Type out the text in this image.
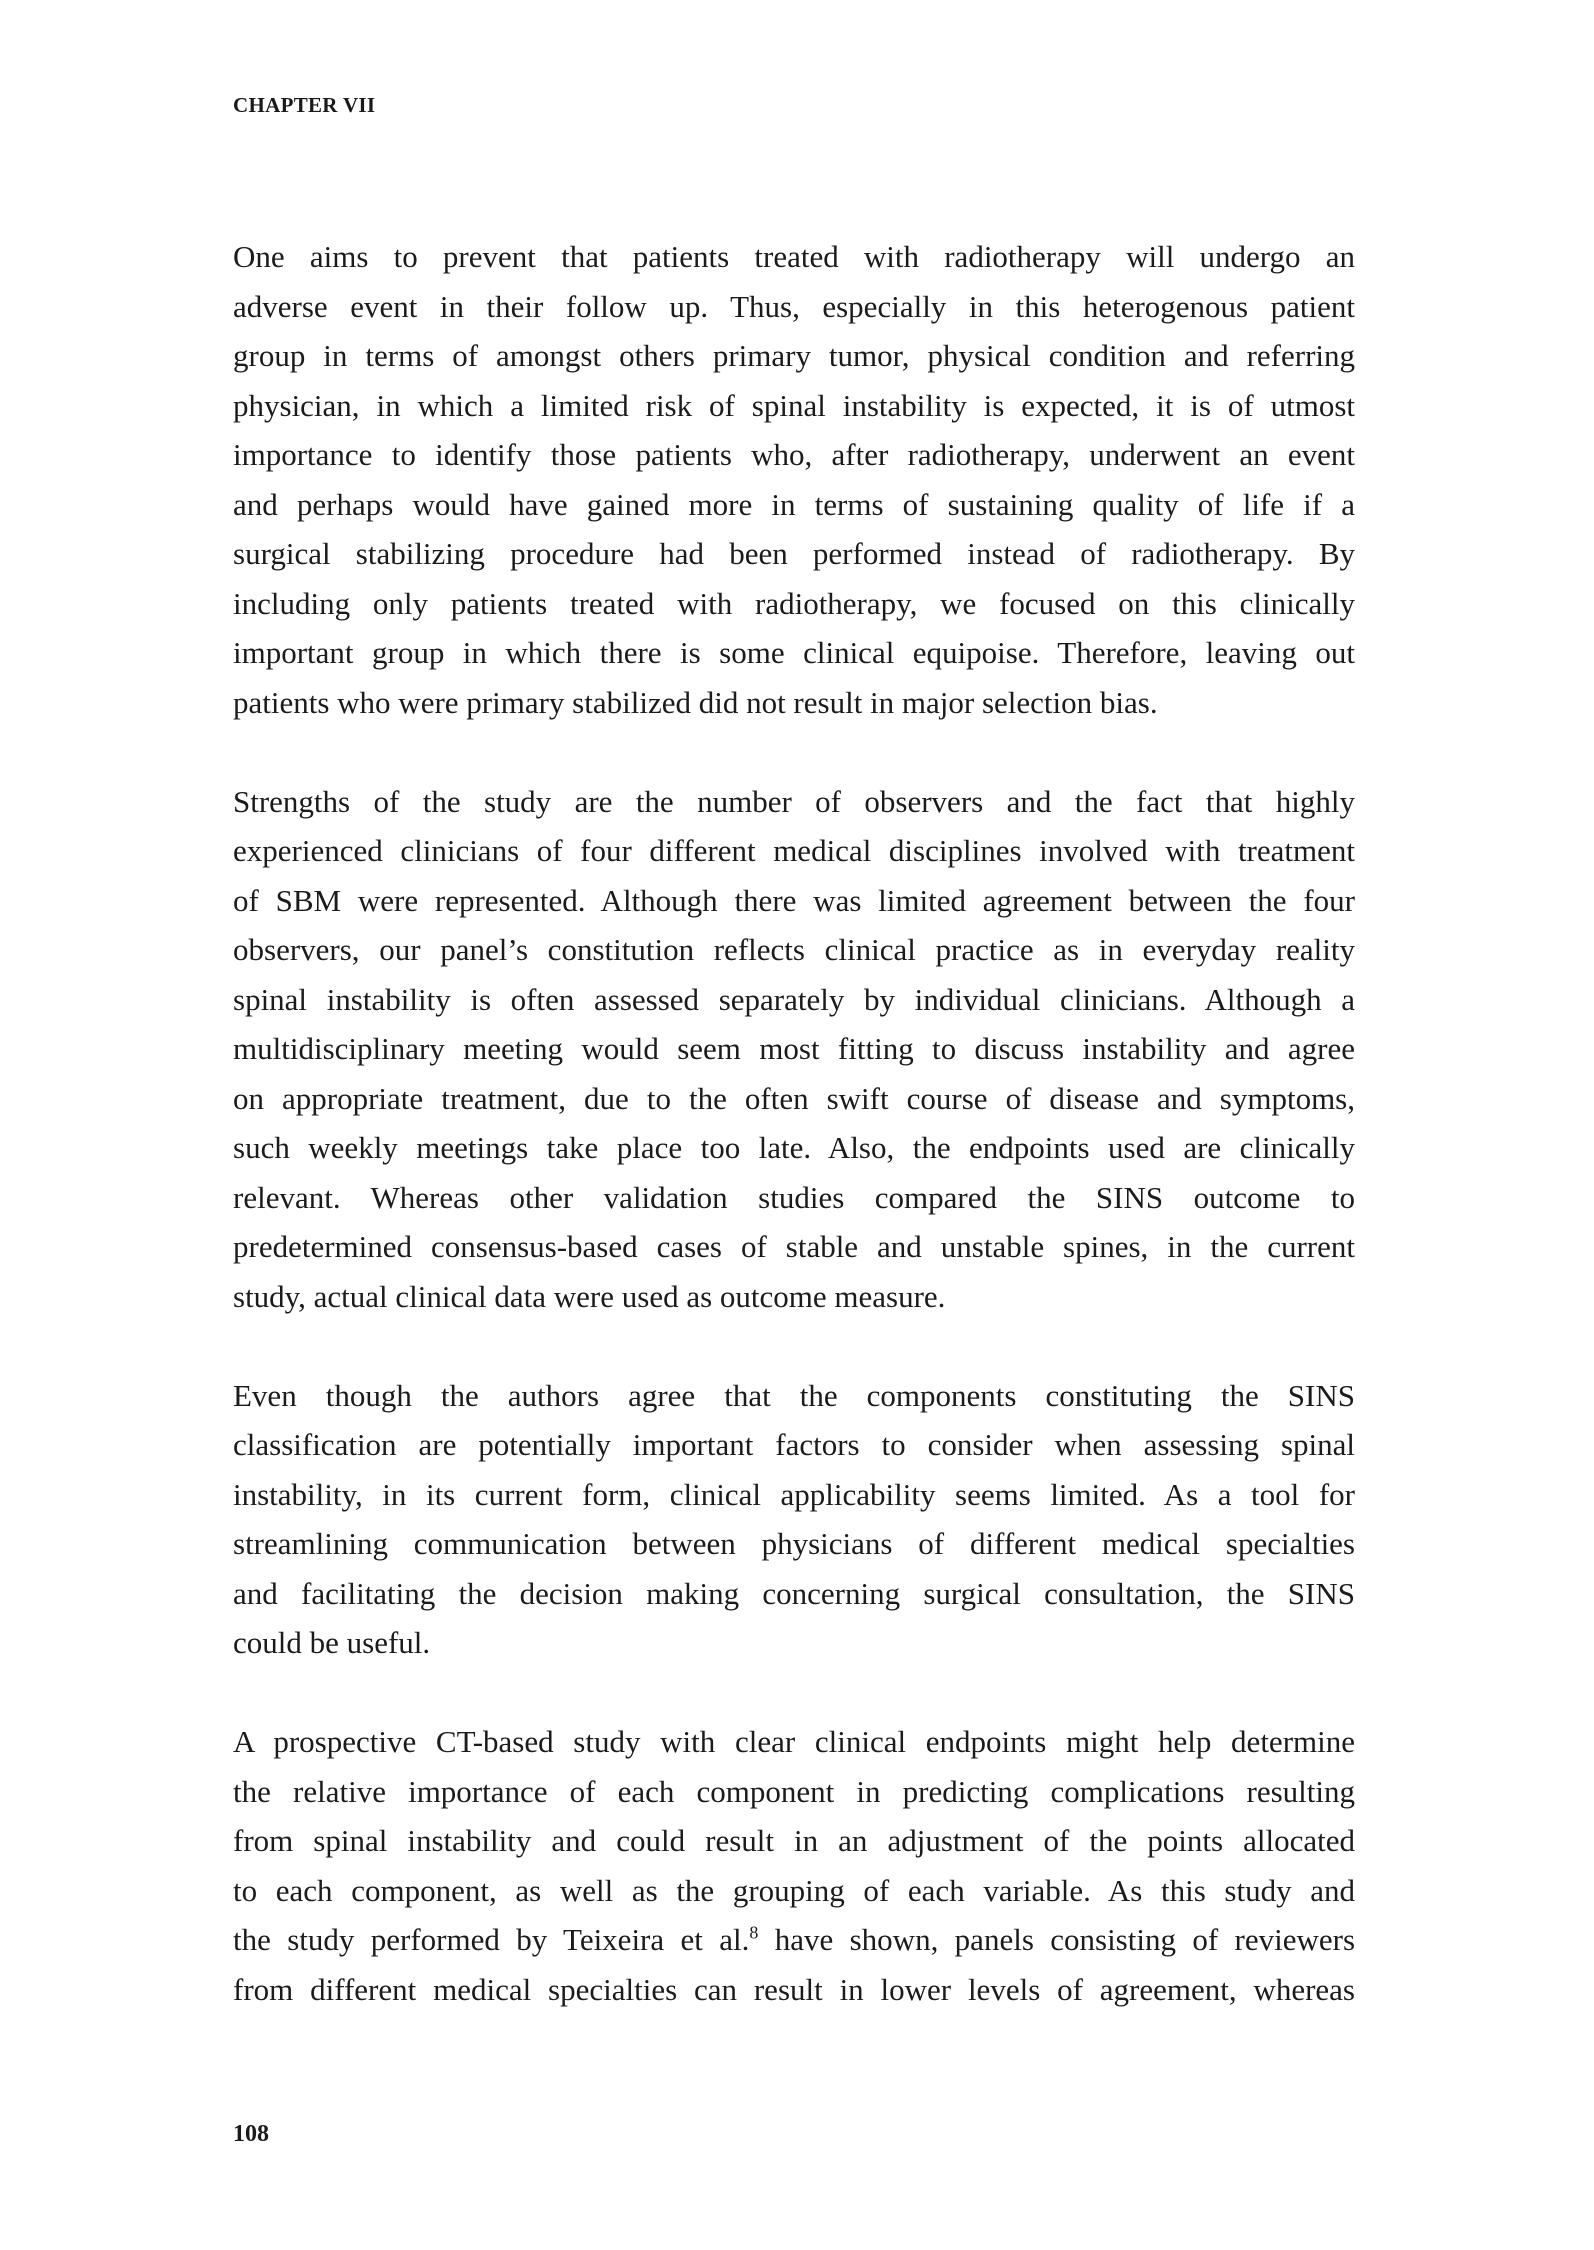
CHAPTER VII
One aims to prevent that patients treated with radiotherapy will undergo an
adverse event in their follow up. Thus, especially in this heterogenous patient
group in terms of amongst others primary tumor, physical condition and referring
physician, in which a limited risk of spinal instability is expected, it is of utmost
importance to identify those patients who, after radiotherapy, underwent an event
and perhaps would have gained more in terms of sustaining quality of life if a
surgical stabilizing procedure had been performed instead of radiotherapy. By
including only patients treated with radiotherapy, we focused on this clinically
important group in which there is some clinical equipoise. Therefore, leaving out
patients who were primary stabilized did not result in major selection bias.
Strengths of the study are the number of observers and the fact that highly
experienced clinicians of four different medical disciplines involved with treatment
of SBM were represented. Although there was limited agreement between the four
observers, our panel’s constitution reflects clinical practice as in everyday reality
spinal instability is often assessed separately by individual clinicians. Although a
multidisciplinary meeting would seem most fitting to discuss instability and agree
on appropriate treatment, due to the often swift course of disease and symptoms,
such weekly meetings take place too late. Also, the endpoints used are clinically
relevant. Whereas other validation studies compared the SINS outcome to
predetermined consensus-based cases of stable and unstable spines, in the current
study, actual clinical data were used as outcome measure.
Even though the authors agree that the components constituting the SINS
classification are potentially important factors to consider when assessing spinal
instability, in its current form, clinical applicability seems limited. As a tool for
streamlining communication between physicians of different medical specialties
and facilitating the decision making concerning surgical consultation, the SINS
could be useful.
A prospective CT-based study with clear clinical endpoints might help determine
the relative importance of each component in predicting complications resulting
from spinal instability and could result in an adjustment of the points allocated
to each component, as well as the grouping of each variable. As this study and
the study performed by Teixeira et al.$^8$ have shown, panels consisting of reviewers
from different medical specialties can result in lower levels of agreement, whereas
108
